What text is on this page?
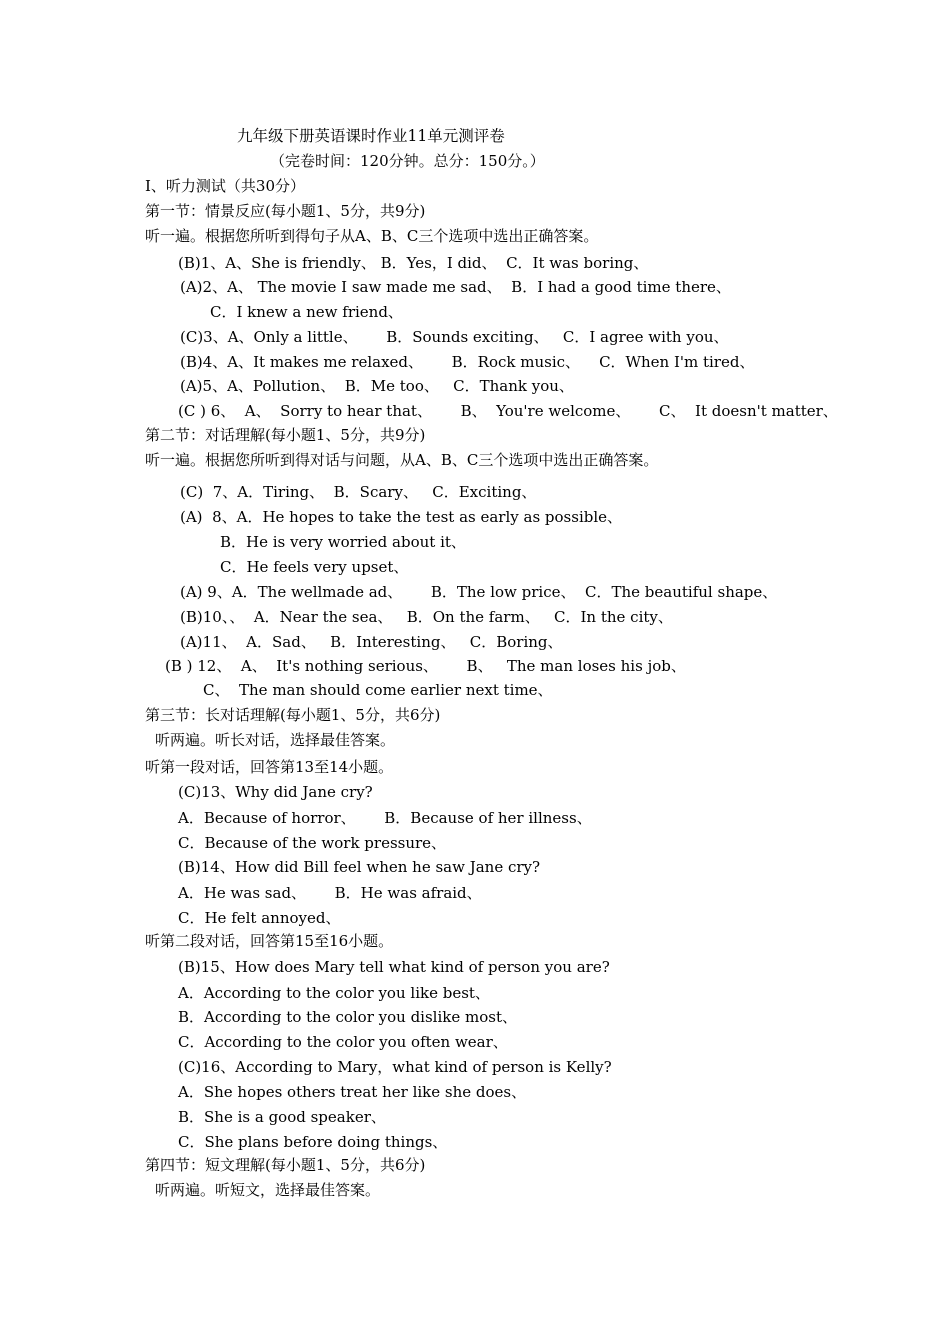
九年级下册英语课时作业11单元测评卷
（完卷时间：120分钟。总分：150分。）
I、听力测试（共30分）
第一节：情景反应(每小题1、5分，共9分)
听一遍。根据您所听到得句子从A、B、C三个选项中选出正确答案。
(B)1、A、She is friendly、 B．Yes，I did、  C．It was boring、
(A)2、A、 The movie I saw made me sad、  B．I had a good time there、
C．I knew a new friend、
(C)3、A、Only a little、      B．Sounds exciting、   C．I agree with you、
(B)4、A、It makes me relaxed、      B．Rock music、    C．When I'm tired、
(A)5、A、Pollution、  B．Me too、   C．Thank you、
(C ) 6、  A、  Sorry to hear that、      B、  You're welcome、      C、  It doesn't matter、
第二节：对话理解(每小题1、5分，共9分)
听一遍。根据您所听到得对话与问题，从A、B、C三个选项中选出正确答案。
(C)  7、A．Tiring、  B．Scary、   C．Exciting、
(A)  8、A．He hopes to take the test as early as possible、
B．He is very worried about it、
C．He feels very upset、
(A) 9、A．The wellmade ad、      B．The low price、  C．The beautiful shape、
(B)10、、  A．Near the sea、   B．On the farm、   C．In the city、
(A)11、  A．Sad、   B．Interesting、   C．Boring、
(B ) 12、  A、  It's nothing serious、      B、   The man loses his job、
C、  The man should come earlier next time、
第三节：长对话理解(每小题1、5分，共6分)
听两遍。听长对话，选择最佳答案。
听第一段对话，回答第13至14小题。
(C)13、Why did Jane cry?
A．Because of horror、      B．Because of her illness、
C．Because of the work pressure、
(B)14、How did Bill feel when he saw Jane cry?
A．He was sad、      B．He was afraid、
C．He felt annoyed、
听第二段对话，回答第15至16小题。
(B)15、How does Mary tell what kind of person you are?
A．According to the color you like best、
B．According to the color you dislike most、
C．According to the color you often wear、
(C)16、According to Mary，what kind of person is Kelly?
A．She hopes others treat her like she does、
B．She is a good speaker、
C．She plans before doing things、
第四节：短文理解(每小题1、5分，共6分)
听两遍。听短文，选择最佳答案。
